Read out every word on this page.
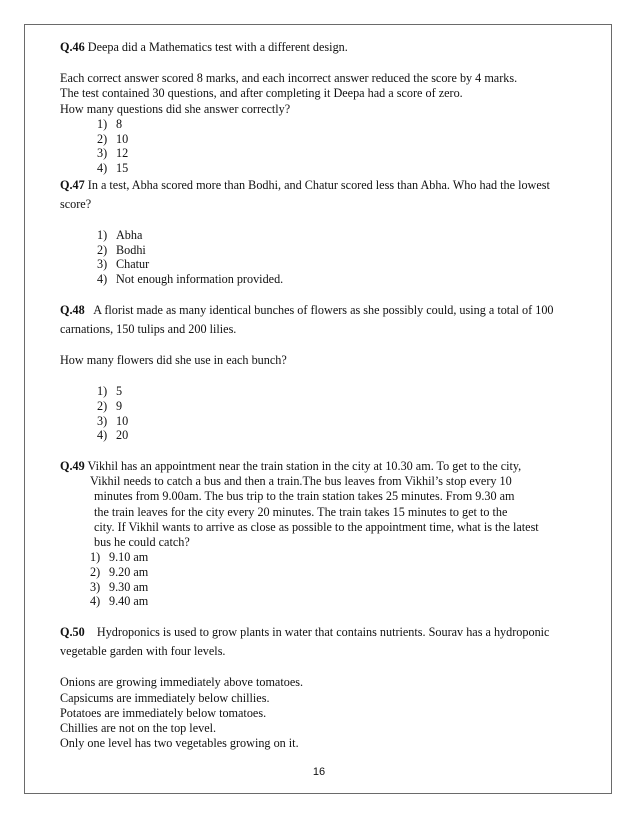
Q.46 Deepa did a Mathematics test with a different design.

Each correct answer scored 8 marks, and each incorrect answer reduced the score by 4 marks.

The test contained 30 questions, and after completing it Deepa had a score of zero.

How many questions did she answer correctly?

1) 8
2) 10
3) 12
4) 15

Q.47 In a test, Abha scored more than Bodhi, and Chatur scored less than Abha. Who had the lowest

score?

1) Abha
2) Bodhi
3) Chatur
4) Not enough information provided.

Q.48 A florist made as many identical bunches of flowers as she possibly could, using a total of 100

carnations, 150 tulips and 200 lilies.

How many flowers did she use in each bunch?

1) 5
2) 9
3) 10
4) 20

Q.49 Vikhil has an appointment near the train station in the city at 10.30 am. To get to the city,

Vikhil needs to catch a bus and then a train.The bus leaves from Vikhil’s stop every 10

minutes from 9.00am. The bus trip to the train station takes 25 minutes. From 9.30 am

the train leaves for the city every 20 minutes. The train takes 15 minutes to get to the

city. If Vikhil wants to arrive as close as possible to the appointment time, what is the latest

bus he could catch?

1) 9.10 am
2) 9.20 am
3) 9.30 am
4) 9.40 am

Q.50 Hydroponics is used to grow plants in water that contains nutrients. Sourav has a hydroponic

vegetable garden with four levels.

Onions are growing immediately above tomatoes.

Capsicums are immediately below chillies.

Potatoes are immediately below tomatoes.

Chillies are not on the top level.

Only one level has two vegetables growing on it.

16
